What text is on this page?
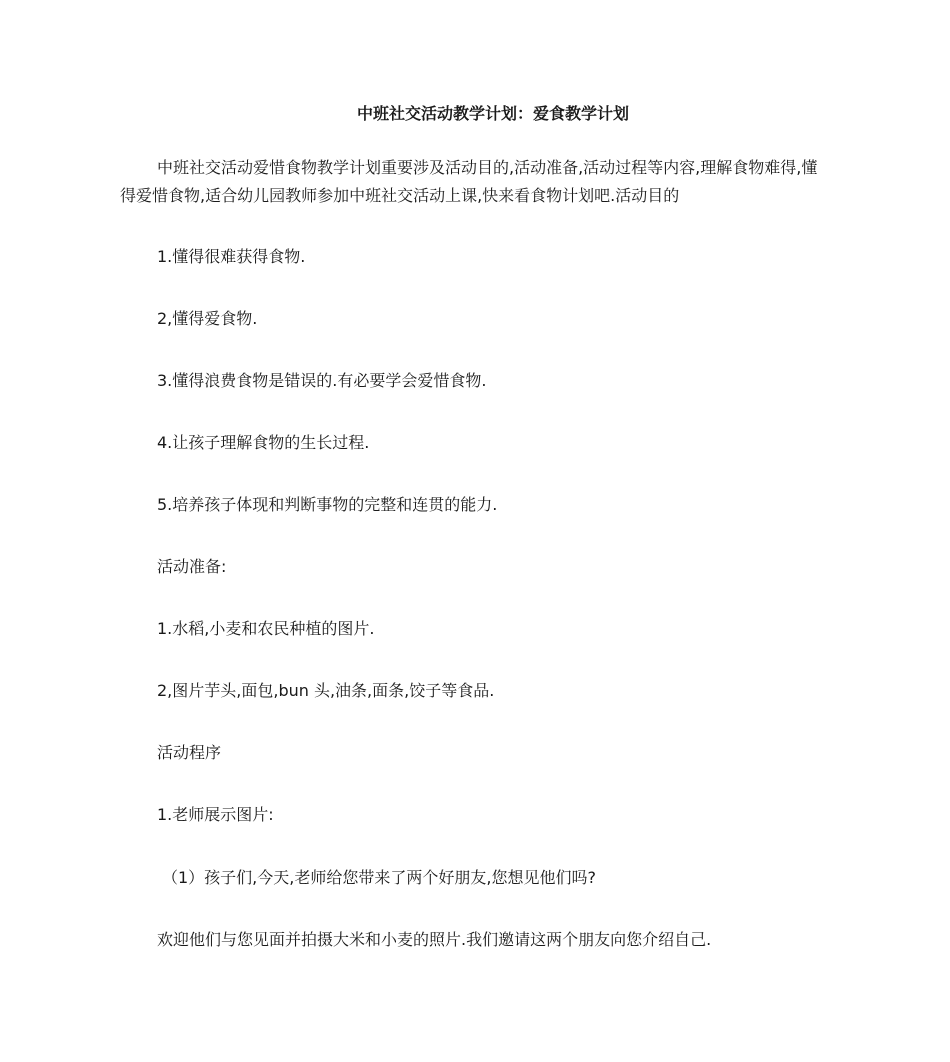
中班社交活动教学计划：爱食教学计划
中班社交活动爱惜食物教学计划重要涉及活动目的,活动准备,活动过程等内容,理解食物难得,懂得爱惜食物,适合幼儿园教师参加中班社交活动上课,快来看食物计划吧.活动目的
1.懂得很难获得食物.
2,懂得爱食物.
3.懂得浪费食物是错误的.有必要学会爱惜食物.
4.让孩子理解食物的生长过程.
5.培养孩子体现和判断事物的完整和连贯的能力.
活动准备:
1.水稻,小麦和农民种植的图片.
2,图片芋头,面包,bun 头,油条,面条,饺子等食品.
活动程序
1.老师展示图片:
（1）孩子们,今天,老师给您带来了两个好朋友,您想见他们吗?
欢迎他们与您见面并拍摄大米和小麦的照片.我们邀请这两个朋友向您介绍自己.
